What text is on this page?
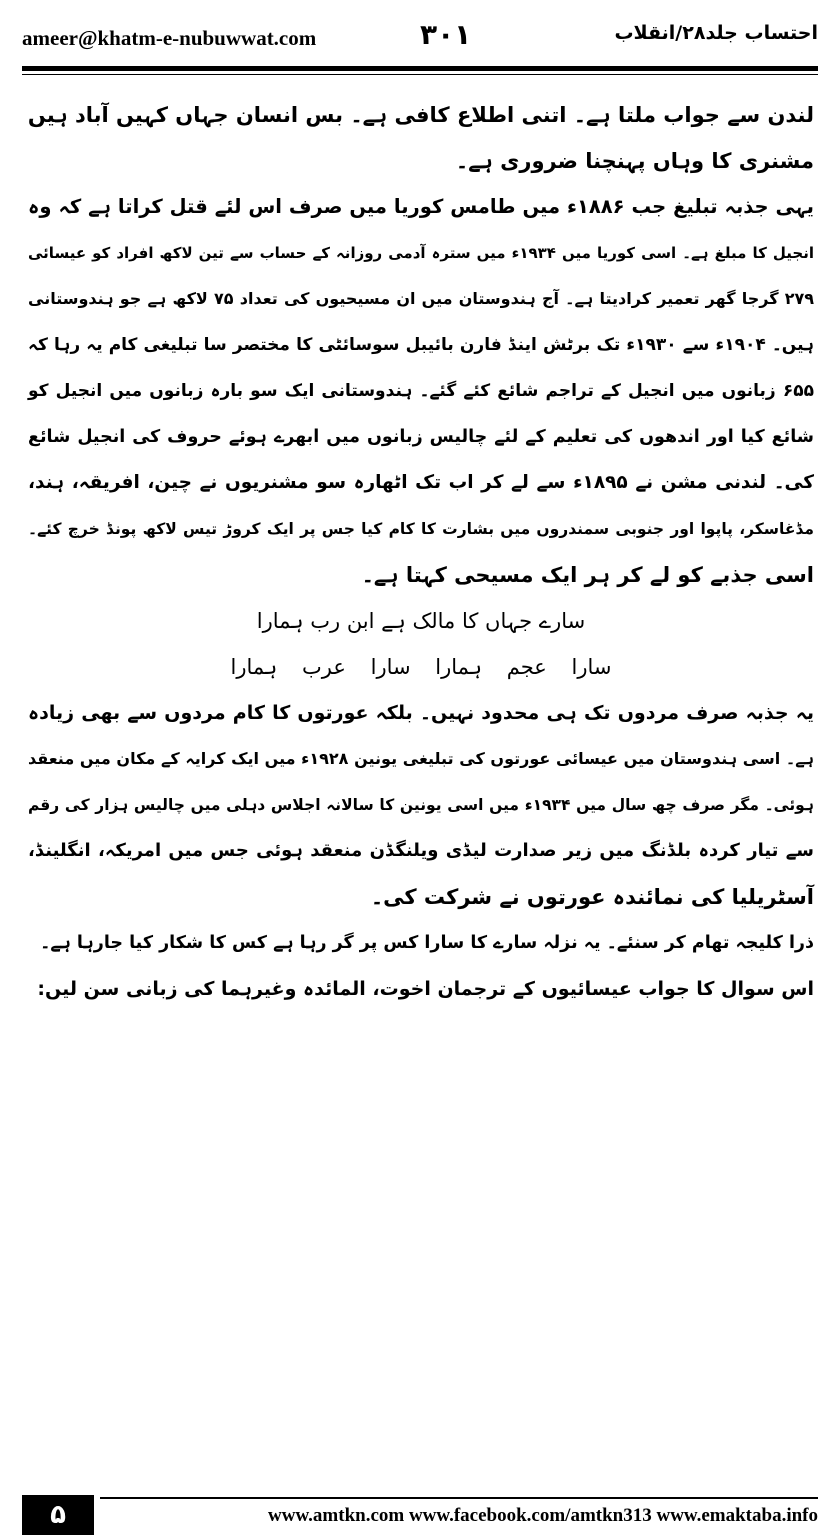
ameer@khatm-e-nubuwwat.com	۳۰۱	احتساب جلد۲۸/انقلاب
لندن سے جواب ملتا ہے۔ اتنی اطلاع کافی ہے۔ بس انسان جہاں کہیں آباد ہیں
مشنری کا وہاں پہنچنا ضروری ہے۔
یہی جذبہ تبلیغ جب ۱۸۸۶ء میں طامس کوریا میں صرف اس لئے قتل کراتا ہے کہ وہ
انجیل کا مبلغ ہے۔ اسی کوریا میں ۱۹۳۴ء میں سترہ آدمی روزانہ کے حساب سے تین لاکھ افراد کو عیسائی
۲۷۹ گرجا گھر تعمیر کرادیتا ہے۔ آج ہندوستان میں ان مسیحیوں کی تعداد ۷۵ لاکھ ہے جو ہندوستانی
ہیں۔ ۱۹۰۴ء سے ۱۹۳۰ء تک برٹش اینڈ فارن بائیبل سوسائٹی کا مختصر سا تبلیغی کام یہ رہا کہ
۶۵۵ زبانوں میں انجیل کے تراجم شائع کئے گئے۔ ہندوستانی ایک سو بارہ زبانوں میں انجیل کو
شائع کیا اور اندھوں کی تعلیم کے لئے چالیس زبانوں میں ابھرے ہوئے حروف کی انجیل شائع
کی۔ لندنی مشن نے ۱۸۹۵ء سے لے کر اب تک اٹھارہ سو مشنریوں نے چین، افریقہ، ہند،
مڈغاسکر، پاپوا اور جنوبی سمندروں میں بشارت کا کام کیا جس پر ایک کروڑ تیس لاکھ پونڈ خرچ کئے۔
اسی جذبے کو لے کر ہر ایک مسیحی کہتا ہے۔
سارے جہاں کا مالک ہے ابن رب ہمارا
سارا عجم ہمارا سارا عرب ہمارا
یہ جذبہ صرف مردوں تک ہی محدود نہیں۔ بلکہ عورتوں کا کام مردوں سے بھی زیادہ
ہے۔ اسی ہندوستان میں عیسائی عورتوں کی تبلیغی یونین ۱۹۲۸ء میں ایک کرایہ کے مکان میں منعقد
ہوئی۔ مگر صرف چھ سال میں ۱۹۳۴ء میں اسی یونین کا سالانہ اجلاس دہلی میں چالیس ہزار کی رقم
سے تیار کردہ بلڈنگ میں زیر صدارت لیڈی ویلنگڈن منعقد ہوئی جس میں امریکہ، انگلینڈ،
آسٹریلیا کی نمائندہ عورتوں نے شرکت کی۔
ذرا کلیجہ تھام کر سنئے۔ یہ نزلہ سارے کا سارا کس پر گر رہا ہے کس کا شکار کیا جارہا ہے۔
اس سوال کا جواب عیسائیوں کے ترجمان اخوت، المائدہ وغیرہما کی زبانی سن لیں:
۵	www.amtkn.com www.facebook.com/amtkn313 www.emaktaba.info
